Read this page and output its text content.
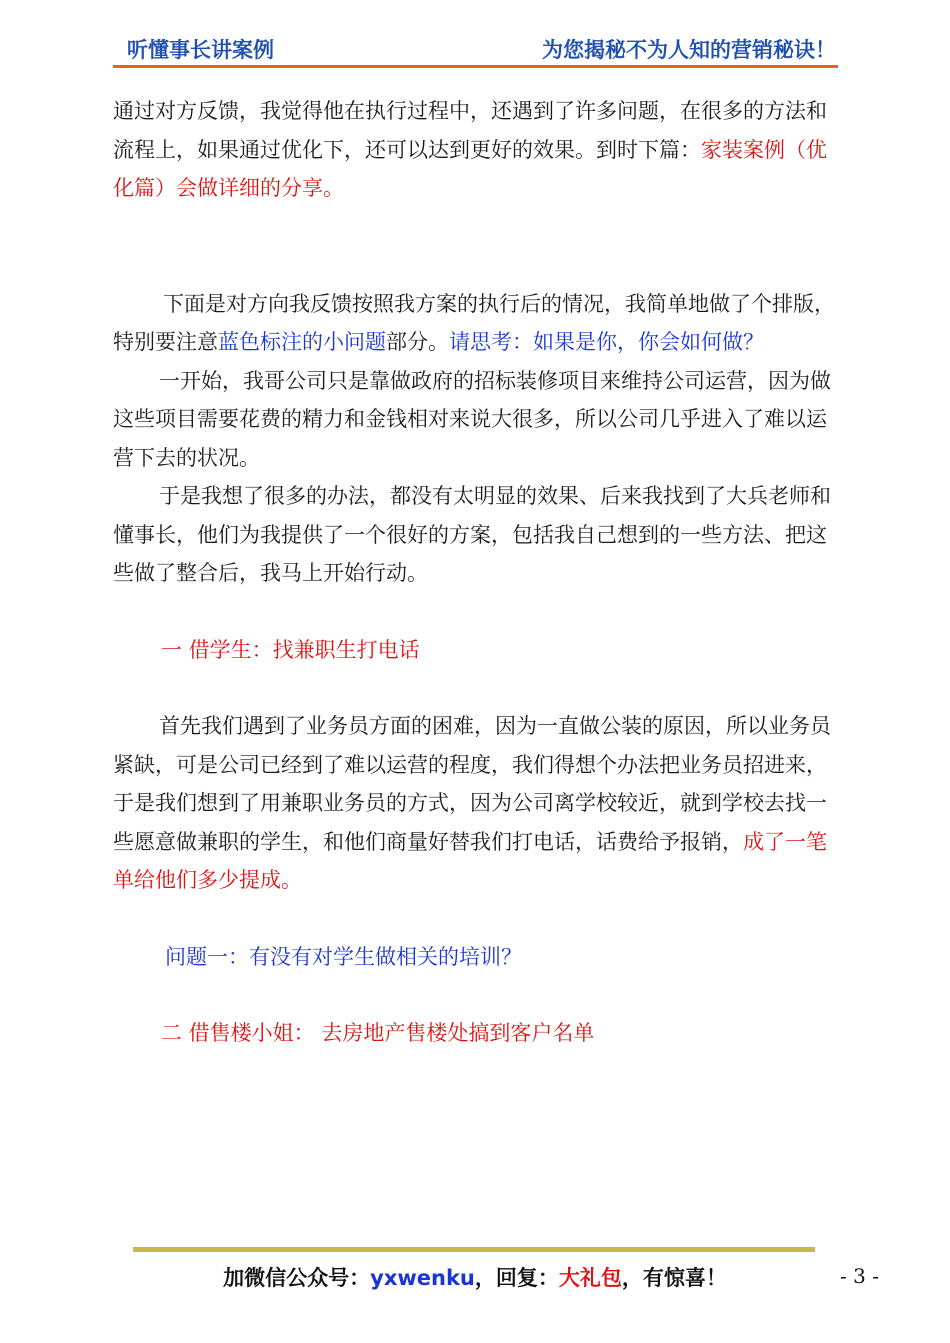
听懂事长讲案例	为您揭秘不为人知的营销秘诀！

通过对方反馈，我觉得他在执行过程中，还遇到了许多问题，在很多的方法和流程上，如果通过优化下，还可以达到更好的效果。到时下篇：家装案例（优化篇）会做详细的分享。

下面是对方向我反馈按照我方案的执行后的情况，我简单地做了个排版，特别要注意蓝色标注的小问题部分。请思考：如果是你，你会如何做？

一开始，我哥公司只是靠做政府的招标装修项目来维持公司运营，因为做这些项目需要花费的精力和金钱相对来说大很多，所以公司几乎进入了难以运营下去的状况。

于是我想了很多的办法，都没有太明显的效果、后来我找到了大兵老师和懂事长，他们为我提供了一个很好的方案，包括我自己想到的一些方法、把这些做了整合后，我马上开始行动。

一 借学生：找兼职生打电话

首先我们遇到了业务员方面的困难，因为一直做公装的原因，所以业务员紧缺，可是公司已经到了难以运营的程度，我们得想个办法把业务员招进来，于是我们想到了用兼职业务员的方式，因为公司离学校较近，就到学校去找一些愿意做兼职的学生，和他们商量好替我们打电话，话费给予报销，成了一笔单给他们多少提成。

问题一：有没有对学生做相关的培训？

二 借售楼小姐： 去房地产售楼处搞到客户名单

加微信公众号：yxwenku，回复：大礼包，有惊喜！	- 3 -
